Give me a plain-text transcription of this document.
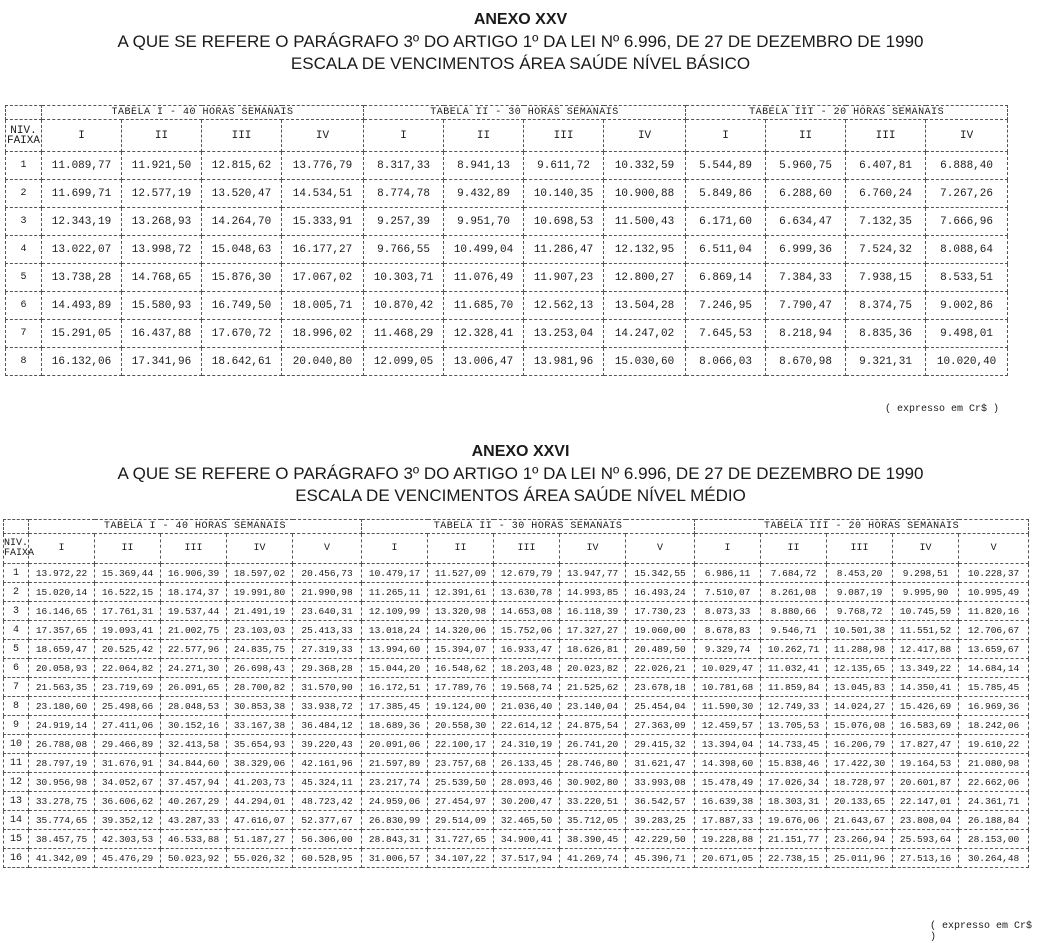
ANEXO XXV
A QUE SE REFERE O PARÁGRAFO 3º DO ARTIGO 1º DA LEI Nº 6.996, DE 27 DE DEZEMBRO DE 1990
ESCALA DE VENCIMENTOS ÁREA SAÚDE NÍVEL BÁSICO
	TABELA I - 40 HORAS SEMANAIS				TABELA II - 30 HORAS SEMANAIS				TABELA III - 20 HORAS SEMANAIS			
NIV. FAIXA	I	II	III	IV	I	II	III	IV	I	II	III	IV
1	11.089,77	11.921,50	12.815,62	13.776,79	8.317,33	8.941,13	9.611,72	10.332,59	5.544,89	5.960,75	6.407,81	6.888,40
2	11.699,71	12.577,19	13.520,47	14.534,51	8.774,78	9.432,89	10.140,35	10.900,88	5.849,86	6.288,60	6.760,24	7.267,26
3	12.343,19	13.268,93	14.264,70	15.333,91	9.257,39	9.951,70	10.698,53	11.500,43	6.171,60	6.634,47	7.132,35	7.666,96
4	13.022,07	13.998,72	15.048,63	16.177,27	9.766,55	10.499,04	11.286,47	12.132,95	6.511,04	6.999,36	7.524,32	8.088,64
5	13.738,28	14.768,65	15.876,30	17.067,02	10.303,71	11.076,49	11.907,23	12.800,27	6.869,14	7.384,33	7.938,15	8.533,51
6	14.493,89	15.580,93	16.749,50	18.005,71	10.870,42	11.685,70	12.562,13	13.504,28	7.246,95	7.790,47	8.374,75	9.002,86
7	15.291,05	16.437,88	17.670,72	18.996,02	11.468,29	12.328,41	13.253,04	14.247,02	7.645,53	8.218,94	8.835,36	9.498,01
8	16.132,06	17.341,96	18.642,61	20.040,80	12.099,05	13.006,47	13.981,96	15.030,60	8.066,03	8.670,98	9.321,31	10.020,40
( expresso em Cr$ )
ANEXO XXVI
A QUE SE REFERE O PARÁGRAFO 3º DO ARTIGO 1º DA LEI Nº 6.996, DE 27 DE DEZEMBRO DE 1990
ESCALA DE VENCIMENTOS ÁREA SAÚDE NÍVEL MÉDIO
	TABELA I - 40 HORAS SEMANAIS					TABELA II - 30 HORAS SEMANAIS					TABELA III - 20 HORAS SEMANAIS				
NIV. FAIXA	I	II	III	IV	V	I	II	III	IV	V	I	II	III	IV	V
1	13.972,22	15.369,44	16.906,39	18.597,02	20.456,73	10.479,17	11.527,09	12.679,79	13.947,77	15.342,55	6.986,11	7.684,72	8.453,20	9.298,51	10.228,37
2	15.020,14	16.522,15	18.174,37	19.991,80	21.990,98	11.265,11	12.391,61	13.630,78	14.993,85	16.493,24	7.510,07	8.261,08	9.087,19	9.995,90	10.995,49
3	16.146,65	17.761,31	19.537,44	21.491,19	23.640,31	12.109,99	13.320,98	14.653,08	16.118,39	17.730,23	8.073,33	8.880,66	9.768,72	10.745,59	11.820,16
4	17.357,65	19.093,41	21.002,75	23.103,03	25.413,33	13.018,24	14.320,06	15.752,06	17.327,27	19.060,00	8.678,83	9.546,71	10.501,38	11.551,52	12.706,67
5	18.659,47	20.525,42	22.577,96	24.835,75	27.319,33	13.994,60	15.394,07	16.933,47	18.626,81	20.489,50	9.329,74	10.262,71	11.288,98	12.417,88	13.659,67
6	20.058,93	22.064,82	24.271,30	26.698,43	29.368,28	15.044,20	16.548,62	18.203,48	20.023,82	22.026,21	10.029,47	11.032,41	12.135,65	13.349,22	14.684,14
7	21.563,35	23.719,69	26.091,65	28.700,82	31.570,90	16.172,51	17.789,76	19.568,74	21.525,62	23.678,18	10.781,68	11.859,84	13.045,83	14.350,41	15.785,45
8	23.180,60	25.498,66	28.048,53	30.853,38	33.938,72	17.385,45	19.124,00	21.036,40	23.140,04	25.454,04	11.590,30	12.749,33	14.024,27	15.426,69	16.969,36
9	24.919,14	27.411,06	30.152,16	33.167,38	36.484,12	18.689,36	20.558,30	22.614,12	24.875,54	27.363,09	12.459,57	13.705,53	15.076,08	16.583,69	18.242,06
10	26.788,08	29.466,89	32.413,58	35.654,93	39.220,43	20.091,06	22.100,17	24.310,19	26.741,20	29.415,32	13.394,04	14.733,45	16.206,79	17.827,47	19.610,22
11	28.797,19	31.676,91	34.844,60	38.329,06	42.161,96	21.597,89	23.757,68	26.133,45	28.746,80	31.621,47	14.398,60	15.838,46	17.422,30	19.164,53	21.080,98
12	30.956,98	34.052,67	37.457,94	41.203,73	45.324,11	23.217,74	25.539,50	28.093,46	30.902,80	33.993,08	15.478,49	17.026,34	18.728,97	20.601,87	22.662,06
13	33.278,75	36.606,62	40.267,29	44.294,01	48.723,42	24.959,06	27.454,97	30.200,47	33.220,51	36.542,57	16.639,38	18.303,31	20.133,65	22.147,01	24.361,71
14	35.774,65	39.352,12	43.287,33	47.616,07	52.377,67	26.830,99	29.514,09	32.465,50	35.712,05	39.283,25	17.887,33	19.676,06	21.643,67	23.808,04	26.188,84
15	38.457,75	42.303,53	46.533,88	51.187,27	56.306,00	28.843,31	31.727,65	34.900,41	38.390,45	42.229,50	19.228,88	21.151,77	23.266,94	25.593,64	28.153,00
16	41.342,09	45.476,29	50.023,92	55.026,32	60.528,95	31.006,57	34.107,22	37.517,94	41.269,74	45.396,71	20.671,05	22.738,15	25.011,96	27.513,16	30.264,48
( expresso em Cr$ )
